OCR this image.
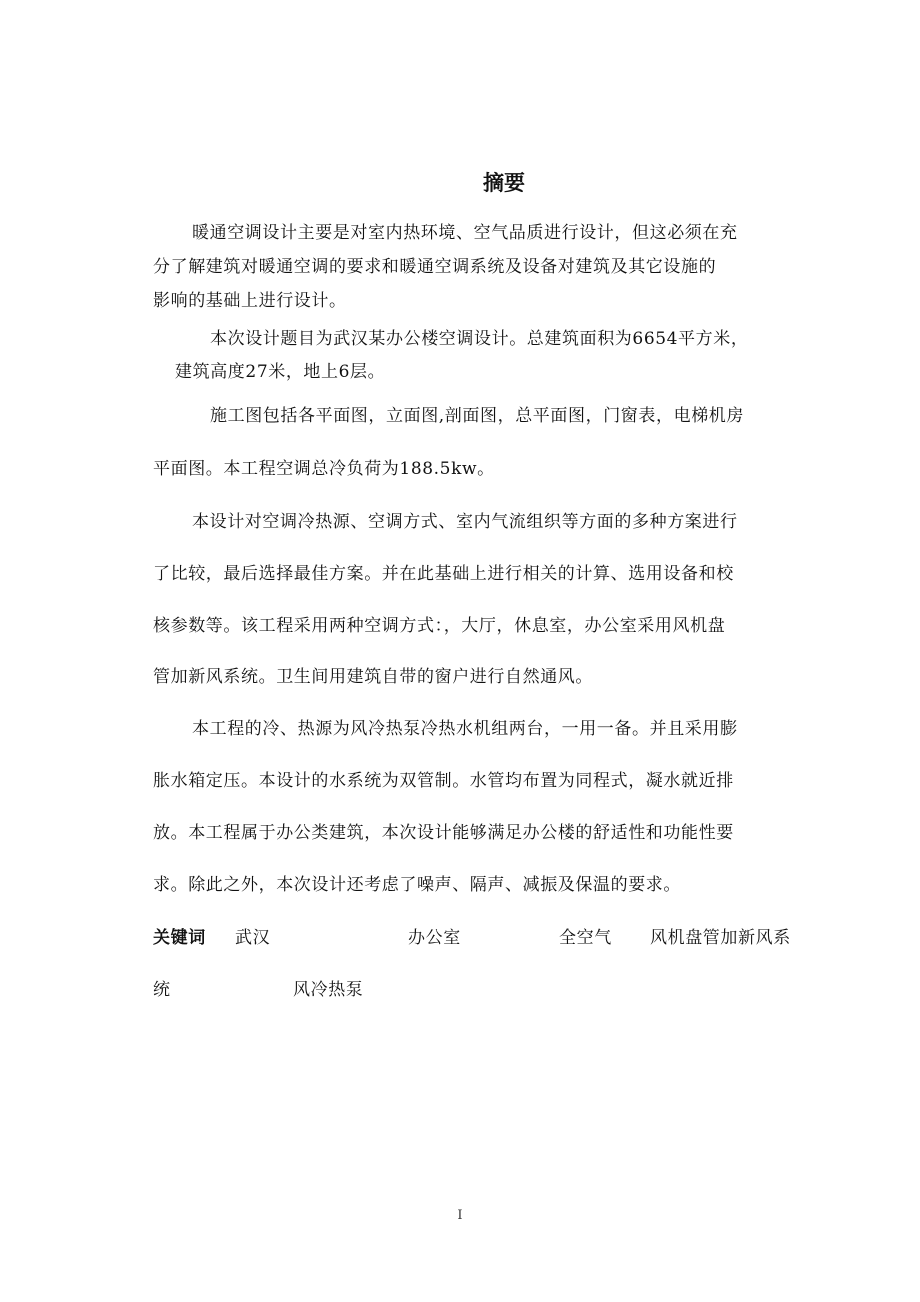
摘要
暖通空调设计主要是对室内热环境、空气品质进行设计，但这必须在充
分了解建筑对暖通空调的要求和暖通空调系统及设备对建筑及其它设施的
影响的基础上进行设计。
本次设计题目为武汉某办公楼空调设计。总建筑面积为6654平方米，
建筑高度27米，地上6层。
施工图包括各平面图，立面图,剖面图，总平面图，门窗表，电梯机房
平面图。本工程空调总冷负荷为188.5kw。
本设计对空调冷热源、空调方式、室内气流组织等方面的多种方案进行
了比较，最后选择最佳方案。并在此基础上进行相关的计算、选用设备和校
核参数等。该工程采用两种空调方式：，大厅，休息室，办公室采用风机盘
管加新风系统。卫生间用建筑自带的窗户进行自然通风。
本工程的冷、热源为风冷热泵冷热水机组两台，一用一备。并且采用膨
胀水箱定压。本设计的水系统为双管制。水管均布置为同程式，凝水就近排
放。本工程属于办公类建筑，本次设计能够满足办公楼的舒适性和功能性要
求。除此之外，本次设计还考虑了噪声、隔声、减振及保温的要求。
关键词 武汉	办公室	全空气 风机盘管加新风系
统	风冷热泵
I
